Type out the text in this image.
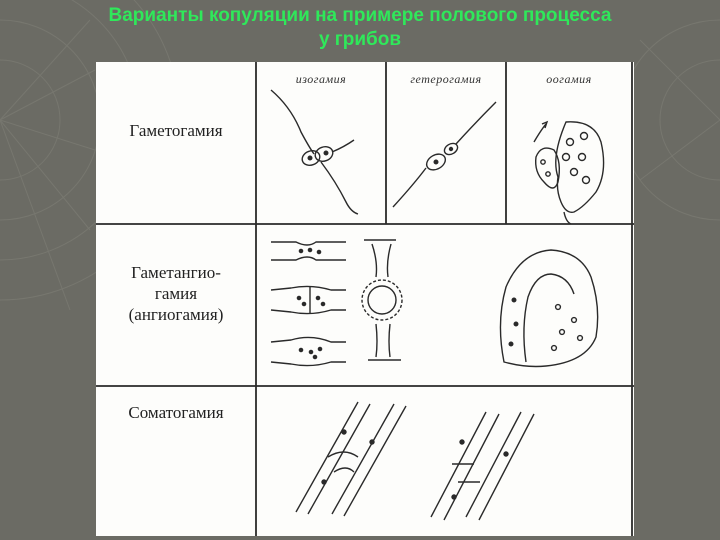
Варианты копуляции на примере полового процесса
у грибов
изогамия	гетерогамия	оогамия
Гаметогамия
Гаметангио-
гамия
(ангиогамия)
Соматогамия
